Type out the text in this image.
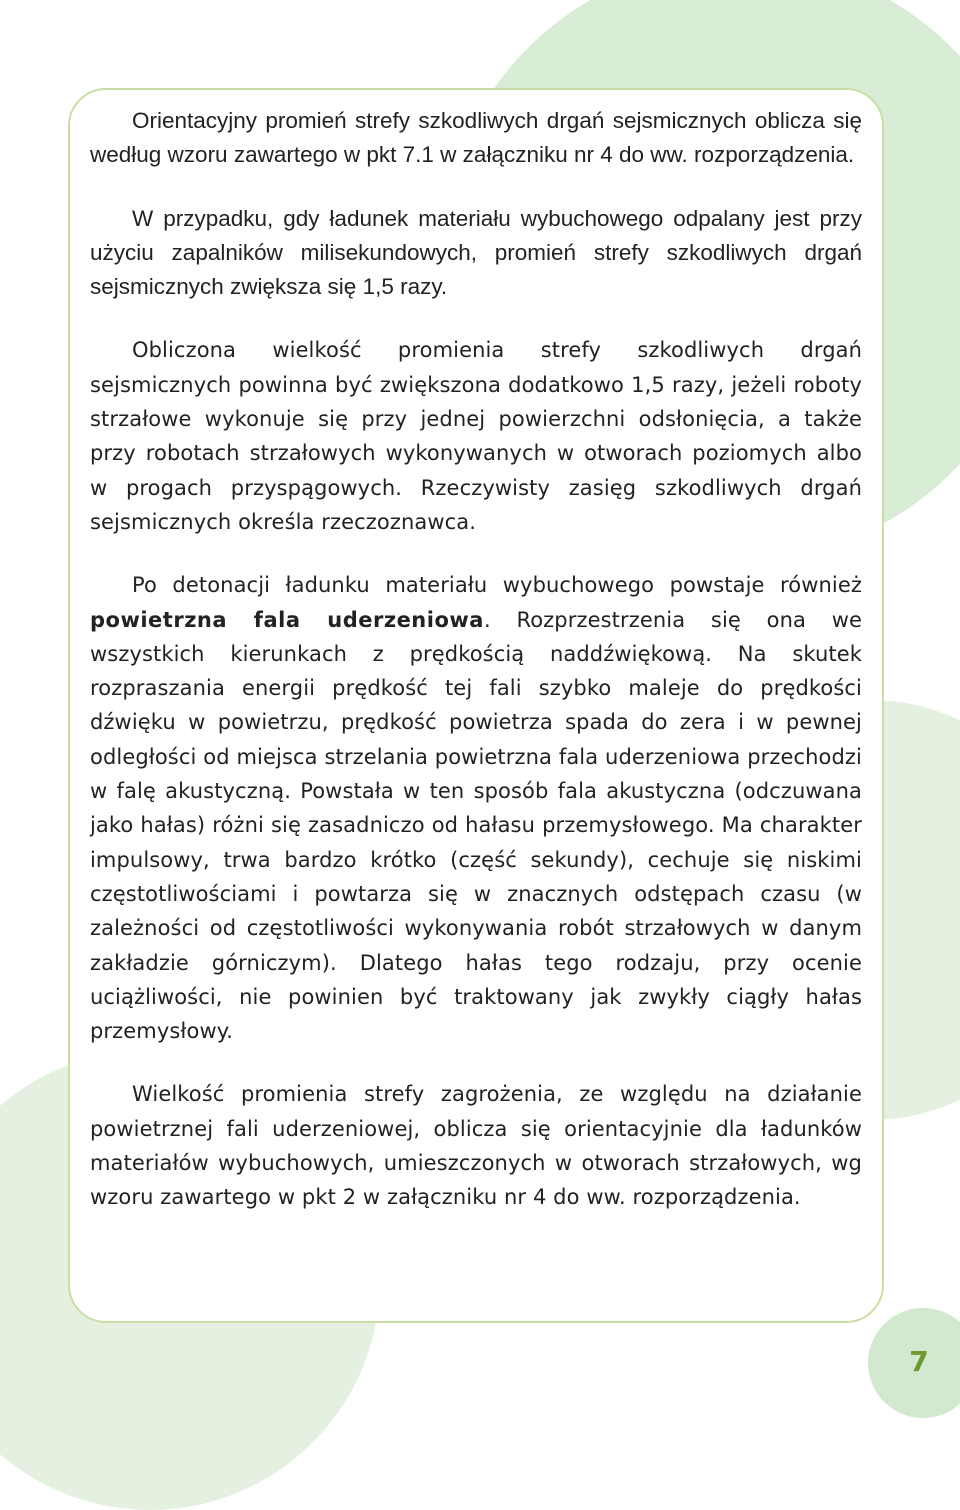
Orientacyjny promień strefy szkodliwych drgań sejsmicznych oblicza się według wzoru zawartego w pkt 7.1 w załączniku nr 4 do ww. rozporządzenia.

W przypadku, gdy ładunek materiału wybuchowego odpalany jest przy użyciu zapalników milisekundowych, promień strefy szkodliwych drgań sejsmicznych zwiększa się 1,5 razy.

Obliczona wielkość promienia strefy szkodliwych drgań sejsmicznych powinna być zwiększona dodatkowo 1,5 razy, jeżeli roboty strzałowe wykonuje się przy jednej powierzchni odsłonięcia, a także przy robotach strzałowych wykonywanych w otworach poziomych albo w progach przyspągowych. Rzeczywisty zasięg szkodliwych drgań sejsmicznych określa rzeczoznawca.

Po detonacji ładunku materiału wybuchowego powstaje również powietrzna fala uderzeniowa. Rozprzestrzenia się ona we wszystkich kierunkach z prędkością naddźwiękową. Na skutek rozpraszania energii prędkość tej fali szybko maleje do prędkości dźwięku w powietrzu, prędkość powietrza spada do zera i w pewnej odległości od miejsca strzelania powietrzna fala uderzeniowa przechodzi w falę akustyczną. Powstała w ten sposób fala akustyczna (odczuwana jako hałas) różni się zasadniczo od hałasu przemysłowego. Ma charakter impulsowy, trwa bardzo krótko (część sekundy), cechuje się niskimi częstotliwościami i powtarza się w znacznych odstępach czasu (w zależności od częstotliwości wykonywania robót strzałowych w danym zakładzie górniczym). Dlatego hałas tego rodzaju, przy ocenie uciążliwości, nie powinien być traktowany jak zwykły ciągły hałas przemysłowy.

Wielkość promienia strefy zagrożenia, ze względu na działanie powietrznej fali uderzeniowej, oblicza się orientacyjnie dla ładunków materiałów wybuchowych, umieszczonych w otworach strzałowych, wg wzoru zawartego w pkt 2 w załączniku nr 4 do ww. rozporządzenia.

7
